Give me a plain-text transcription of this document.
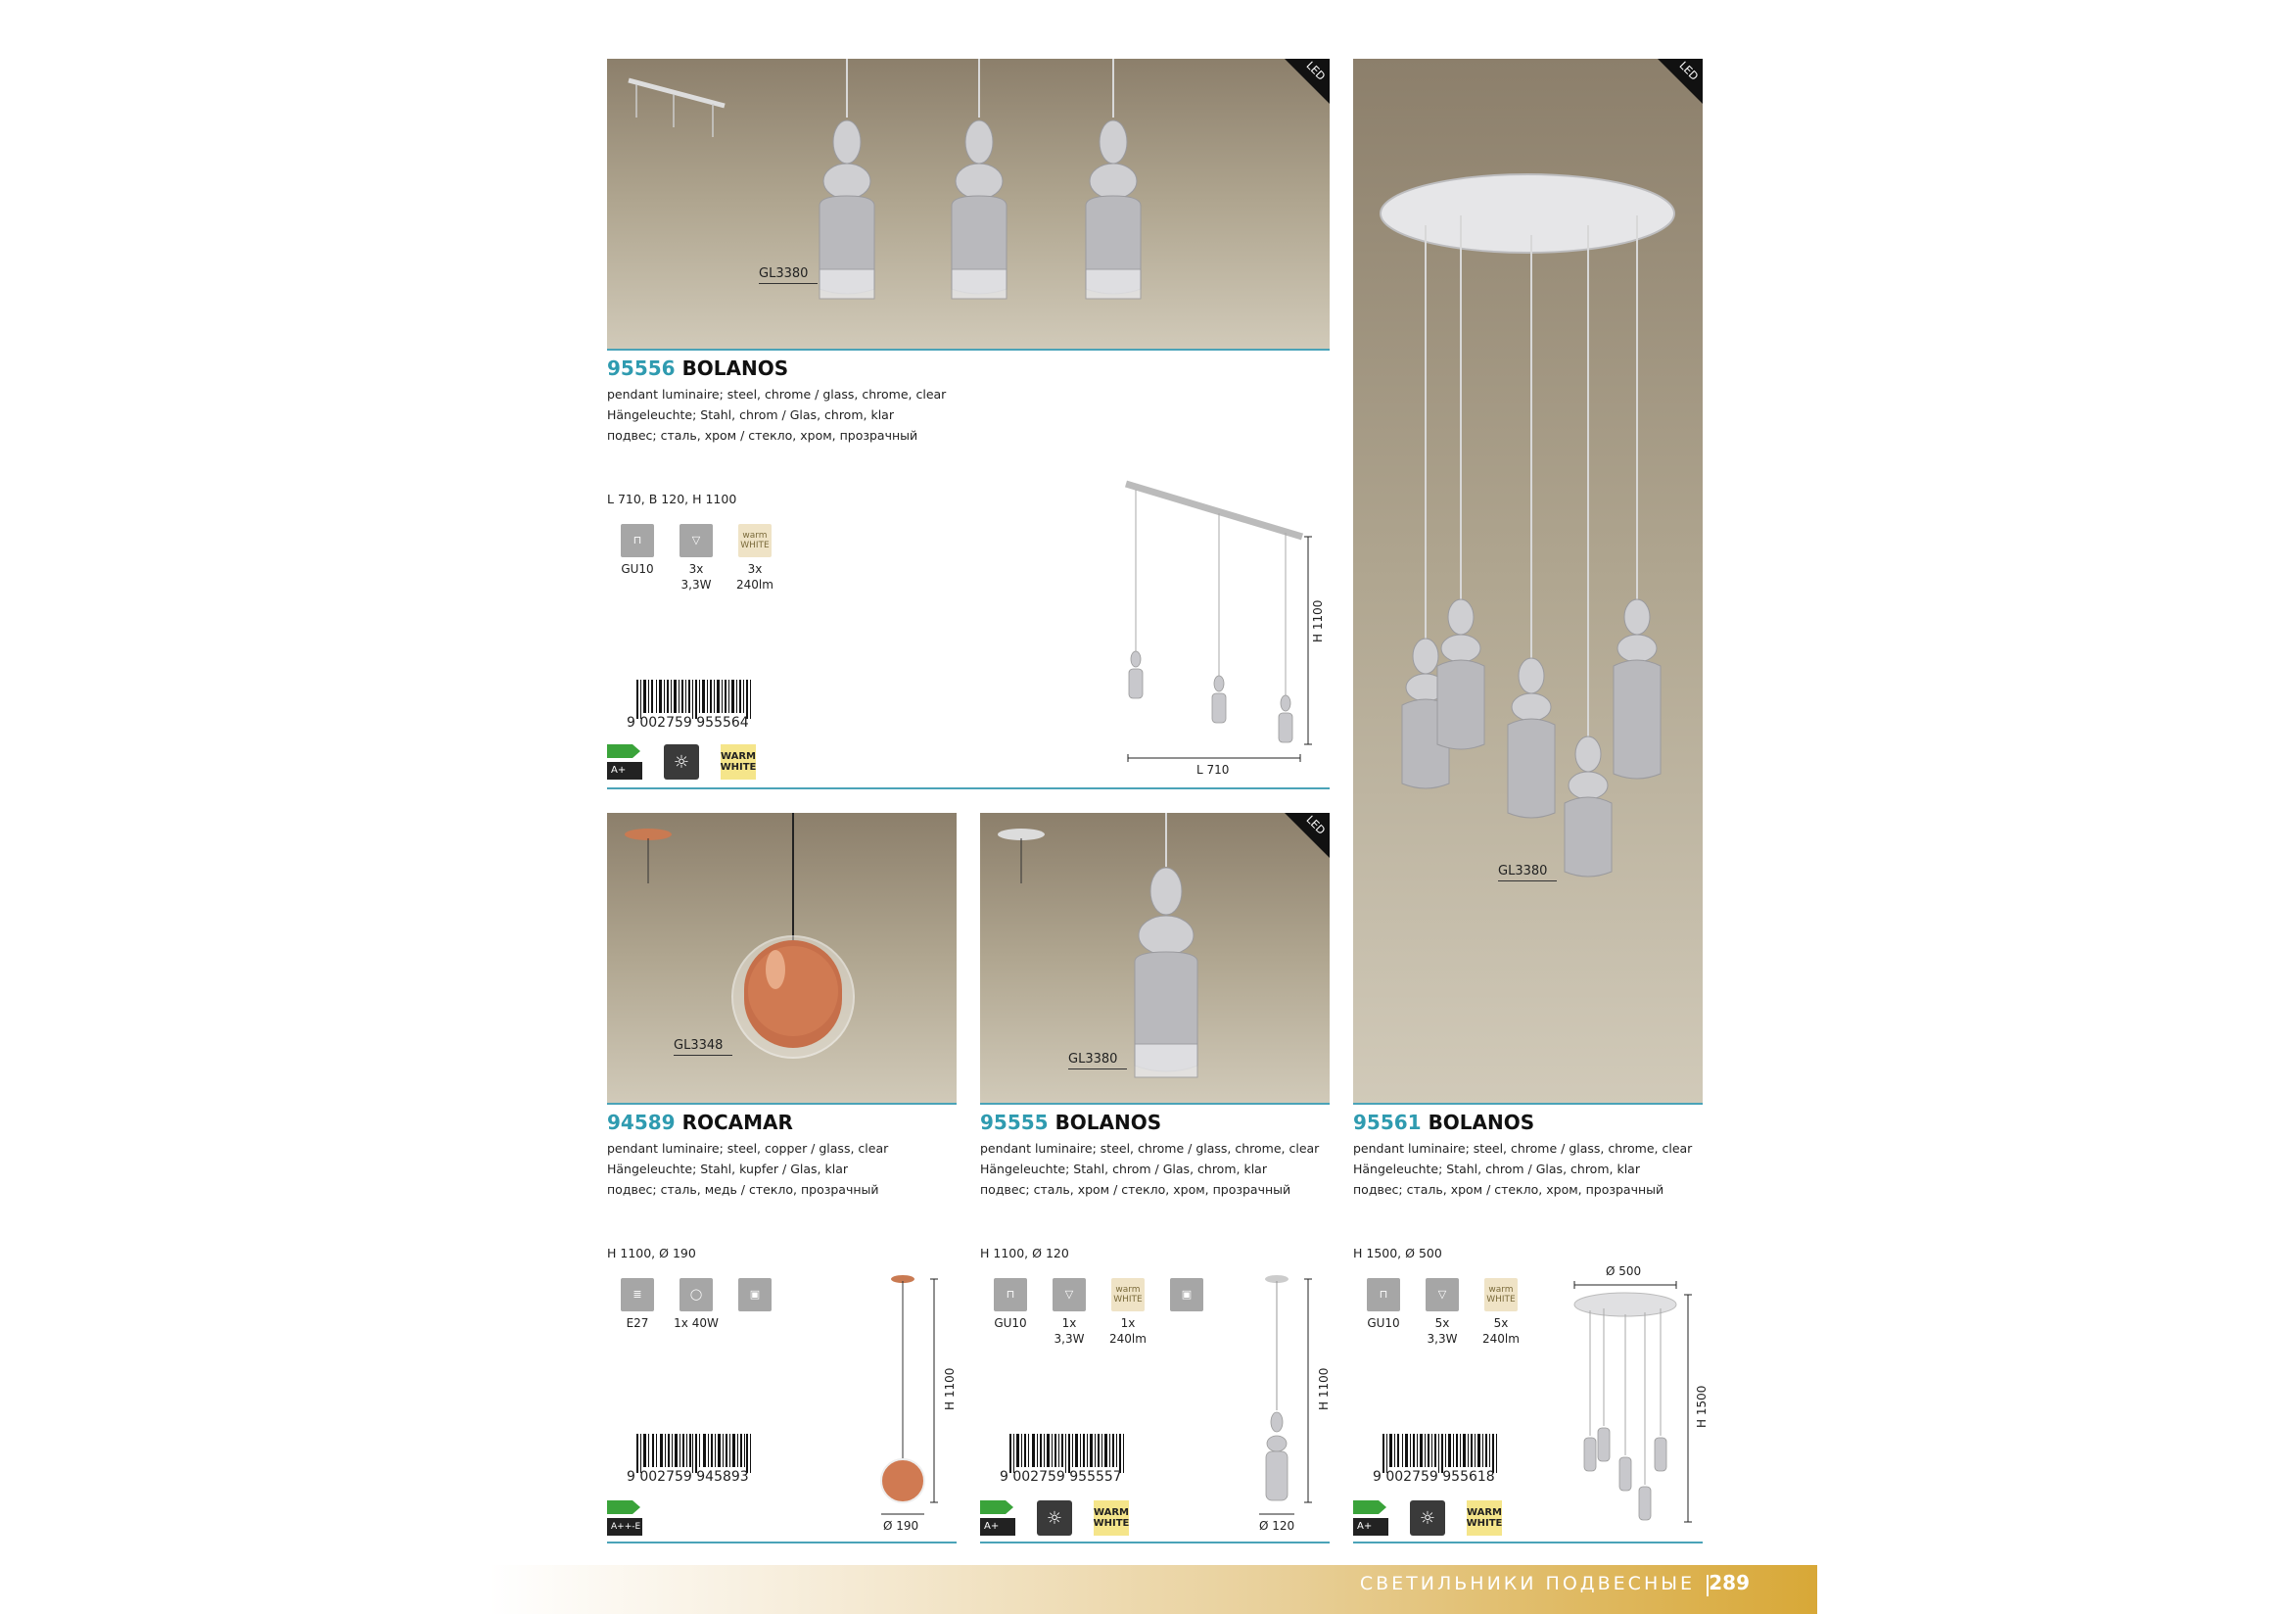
LED
GL3380
95556 BOLANOS
pendant luminaire; steel, chrome / glass, chrome, clear
Hängeleuchte; Stahl, chrom / Glas, chrom, klar
подвес; сталь, хром / стекло, хром, прозрачный
L 710, B 120, H 1100
⊓
GU10
▽
3x 3,3W
warm
WHITE
3x
240lm
9 002759 955564
A+	☼	WARM
WHITE
H 1100
L 710
GL3348
94589 ROCAMAR
pendant luminaire; steel, copper / glass, clear
Hängeleuchte; Stahl, kupfer / Glas, klar
подвес; сталь, медь / стекло, прозрачный
H 1100, Ø 190
≣
E27
◯
1x 40W
▣
9 002759 945893
A++-E
H 1100
Ø 190
LED
GL3380
95555 BOLANOS
pendant luminaire; steel, chrome / glass, chrome, clear
Hängeleuchte; Stahl, chrom / Glas, chrom, klar
подвес; сталь, хром / стекло, хром, прозрачный
H 1100, Ø 120
⊓
GU10
▽
1x 3,3W
warm
WHITE
1x
240lm
▣
9 002759 955557
A+	☼	WARM
WHITE
H 1100
Ø 120
LED
GL3380
95561 BOLANOS
pendant luminaire; steel, chrome / glass, chrome, clear
Hängeleuchte; Stahl, chrom / Glas, chrom, klar
подвес; сталь, хром / стекло, хром, прозрачный
H 1500, Ø 500
⊓
GU10
▽
5x 3,3W
warm
WHITE
5x
240lm
9 002759 955618
A+	☼	WARM
WHITE
Ø 500
H 1500
СВЕТИЛЬНИКИ ПОДВЕСНЫЕ 289
